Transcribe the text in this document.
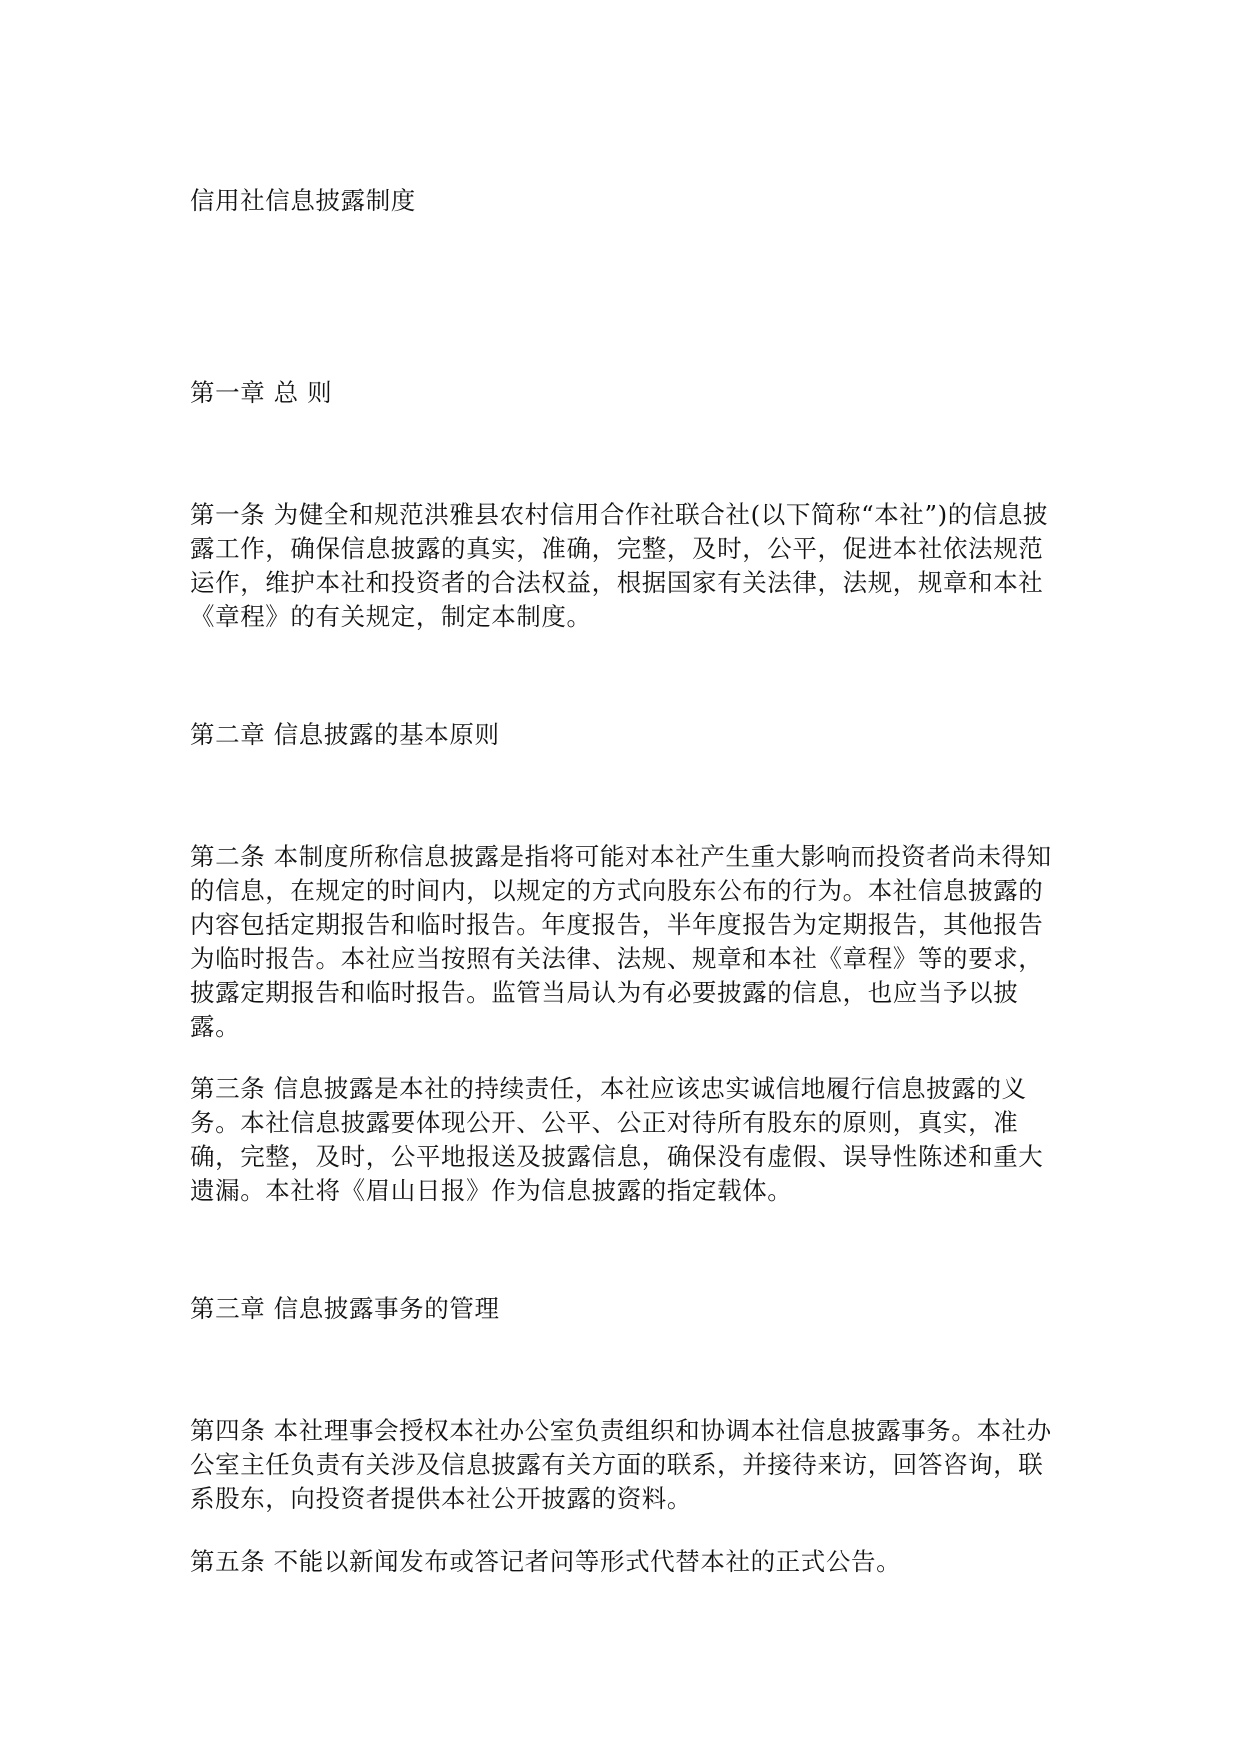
信用社信息披露制度

第一章 总 则

第一条 为健全和规范洪雅县农村信用合作社联合社(以下简称“本社”)的信息披露工作，确保信息披露的真实，准确，完整，及时，公平，促进本社依法规范运作，维护本社和投资者的合法权益，根据国家有关法律，法规，规章和本社《章程》的有关规定，制定本制度。

第二章 信息披露的基本原则

第二条 本制度所称信息披露是指将可能对本社产生重大影响而投资者尚未得知的信息，在规定的时间内，以规定的方式向股东公布的行为。本社信息披露的内容包括定期报告和临时报告。年度报告，半年度报告为定期报告，其他报告为临时报告。本社应当按照有关法律、法规、规章和本社《章程》等的要求，披露定期报告和临时报告。监管当局认为有必要披露的信息，也应当予以披露。

第三条 信息披露是本社的持续责任，本社应该忠实诚信地履行信息披露的义务。本社信息披露要体现公开、公平、公正对待所有股东的原则，真实，准确，完整，及时，公平地报送及披露信息，确保没有虚假、误导性陈述和重大遗漏。本社将《眉山日报》作为信息披露的指定载体。

第三章 信息披露事务的管理

第四条 本社理事会授权本社办公室负责组织和协调本社信息披露事务。本社办公室主任负责有关涉及信息披露有关方面的联系，并接待来访，回答咨询，联系股东，向投资者提供本社公开披露的资料。

第五条 不能以新闻发布或答记者问等形式代替本社的正式公告。
